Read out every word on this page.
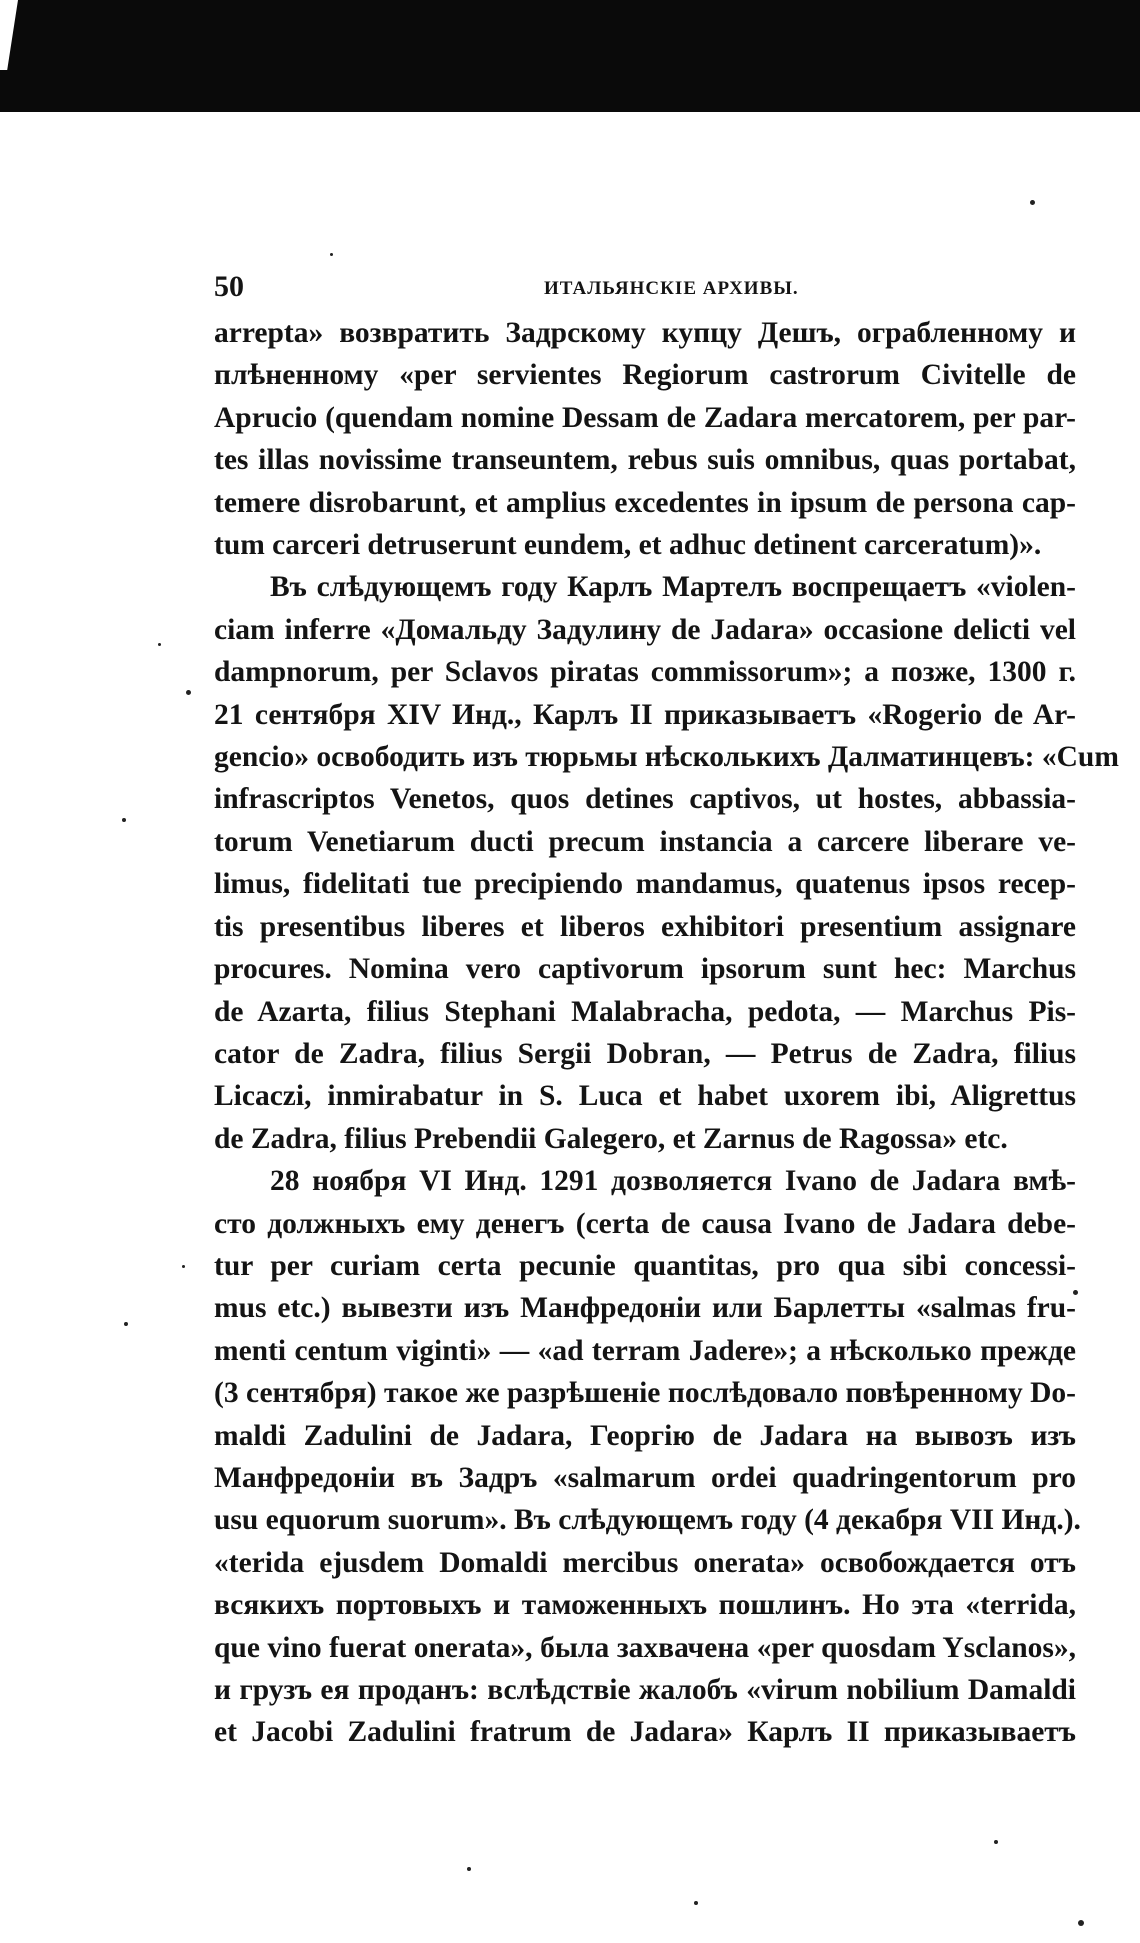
50	ИТАЛЬЯНСКІЕ АРХИВЫ.

arrepta» возвратить Задрскому купцу Дешъ, ограбленному и
плѣненному «per servientes Regiorum castrorum Civitelle de
Aprucio (quendam nomine Dessam de Zadara mercatorem, per par-
tes illas novissime transeuntem, rebus suis omnibus, quas portabat,
temere disrobarunt, et amplius excedentes in ipsum de persona cap-
tum carceri detruserunt eundem, et adhuc detinent carceratum)».

Въ слѣдующемъ году Карлъ Мартелъ воспрещаетъ «violen-
ciam inferre «Домальду Задулину de Jadara» occasione delicti vel
dampnorum, per Sclavos piratas commissorum»; а позже, 1300 г.
21 сентября XIV Инд., Карлъ II приказываетъ «Rogerio de Ar-
gencio» освободить изъ тюрьмы нѣсколькихъ Далматинцевъ: «Cum
infrascriptos Venetos, quos detines captivos, ut hostes, abbassia-
torum Venetiarum ducti precum instancia a carcere liberare ve-
limus, fidelitati tue precipiendo mandamus, quatenus ipsos recep-
tis presentibus liberes et liberos exhibitori presentium assignare
procures. Nomina vero captivorum ipsorum sunt hec: Marchus
de Azarta, filius Stephani Malabracha, pedota, — Marchus Pis-
cator de Zadra, filius Sergii Dobran, — Petrus de Zadra, filius
Licaczi, inmirabatur in S. Luca et habet uxorem ibi, Aligrettus
de Zadra, filius Prebendii Galegero, et Zarnus de Ragossa» etc.

28 ноября VI Инд. 1291 дозволяется Ivano de Jadara вмѣ-
сто должныхъ ему денегъ (certa de causa Ivano de Jadara debe-
tur per curiam certa pecunie quantitas, pro qua sibi concessi-
mus etc.) вывезти изъ Манфредоніи или Барлетты «salmas fru-
menti centum viginti» — «ad terram Jadere»; а нѣсколько прежде
(3 сентября) такое же разрѣшеніе послѣдовало повѣренному Do-
maldi Zadulini de Jadara, Георгію de Jadara на вывозъ изъ
Манфредоніи въ Задръ «salmarum ordei quadringentorum pro
usu equorum suorum». Въ слѣдующемъ году (4 декабря VII Инд.).
«terida ejusdem Domaldi mercibus onerata» освобождается отъ
всякихъ портовыхъ и таможенныхъ пошлинъ. Но эта «terrida,
que vino fuerat onerata», была захвачена «per quosdam Ysclanos»,
и грузъ ея проданъ: вслѣдствіе жалобъ «virum nobilium Damaldi
et Jacobi Zadulini fratrum de Jadara» Карлъ II приказываетъ
